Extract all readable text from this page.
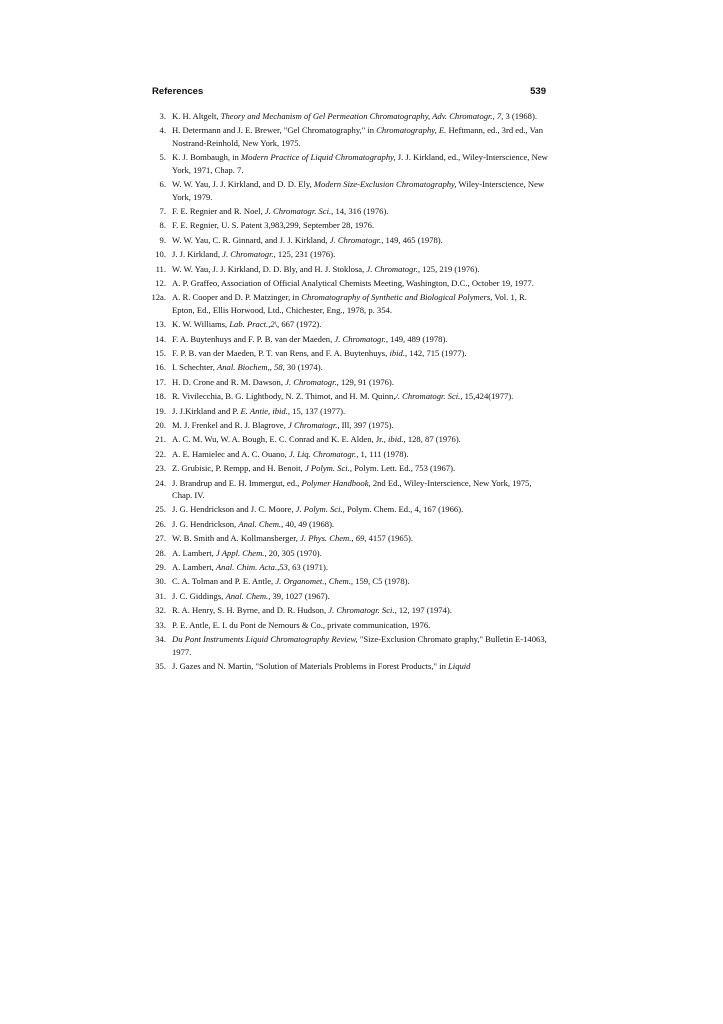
References	539
3. K. H. Altgelt, Theory and Mechanism of Gel Permeation Chromatography, Adv. Chromatogr., 7, 3 (1968).
4. H. Determann and J. E. Brewer, "Gel Chromatography," in Chromatography, E. Heftmann, ed., 3rd ed., Van Nostrand-Reinhold, New York, 1975.
5. K. J. Bombaugh, in Modern Practice of Liquid Chromatography, J. J. Kirkland, ed., Wiley-Interscience, New York, 1971, Chap. 7.
6. W. W. Yau, J. J. Kirkland, and D. D. Ely, Modern Size-Exclusion Chromatography, Wiley-Interscience, New York, 1979.
7. F. E. Regnier and R. Noel, J. Chromatogr. Sci., 14, 316 (1976).
8. F. E. Regnier, U. S. Patent 3,983,299, September 28, 1976.
9. W. W. Yau, C. R. Ginnard, and J. J. Kirkland, J. Chromatogr., 149, 465 (1978).
10. J. J. Kirkland, J. Chromatogr., 125, 231 (1976).
11. W. W. Yau, J. J. Kirkland, D. D. Bly, and H. J. Stoklosa, J. Chromatogr., 125, 219 (1976).
12. A. P. Graffeo, Association of Official Analytical Chemists Meeting, Washington, D.C., October 19, 1977.
12a. A. R. Cooper and D. P. Matzinger, in Chromatography of Synthetic and Biological Polymers, Vol. 1, R. Epton, Ed., Ellis Horwood, Ltd., Chichester, Eng., 1978, p. 354.
13. K. W. Williams, Lab. Pract.,2\, 667 (1972).
14. F. A. Buytenhuys and F. P. B. van der Maeden, J. Chromatogr., 149, 489 (1978).
15. F. P. B. van der Maeden, P. T. van Rens, and F. A. Buytenhuys, ibid., 142, 715 (1977).
16. I. Schechter, Anal. Biochem,, 58, 30 (1974).
17. H. D. Crone and R. M. Dawson, J. Chromatogr., 129, 91 (1976).
18. R. Vivilecchia, B. G. Lightbody, N. Z. Thimot, and H. M. Quinn,/. Chromatogr. Sci., 15,424(1977).
19. J. J.Kirkland and P. E. Antie, ibid., 15, 137 (1977).
20. M. J. Frenkel and R. J. Blagrove, J Chromatogr., Ill, 397 (1975).
21. A. C. M. Wu, W. A. Bough, E. C. Conrad and K. E. Alden, Jr., ibid., 128, 87 (1976).
22. A. E. Hamielec and A. C. Ouano, J. Liq. Chromatogr., 1, 111 (1978).
23. Z. Grubisic, P. Rempp, and H. Benoit, J Polym. Sci., Polym. Lett. Ed., 753 (1967).
24. J. Brandrup and E. H. Immergut, ed., Polymer Handbook, 2nd Ed., Wiley-Interscience, New York, 1975, Chap. IV.
25. J. G. Hendrickson and J. C. Moore, J. Polym. Sci., Polym. Chem. Ed., 4, 167 (1966).
26. J. G. Hendrickson, Anal. Chem., 40, 49 (1968).
27. W. B. Smith and A. Kollmansberger, J. Phys. Chem., 69, 4157 (1965).
28. A. Lambert, J Appl. Chem., 20, 305 (1970).
29. A. Lambert, Anal. Chim. Acta.,53, 63 (1971).
30. C. A. Tolman and P. E. Antle, J. Organomet., Chem., 159, C5 (1978).
31. J. C. Giddings, Anal. Chem., 39, 1027 (1967).
32. R. A. Henry, S. H. Byrne, and D. R. Hudson, J. Chromatogr. Sci., 12, 197 (1974).
33. P. E. Antle, E. I. du Pont de Nemours & Co., private communication, 1976.
34. Du Pont Instruments Liquid Chromatography Review, "Size-Exclusion Chromato graphy," Bulletin E-14063, 1977.
35. J. Gazes and N. Martin, "Solution of Materials Problems in Forest Products," in Liquid
